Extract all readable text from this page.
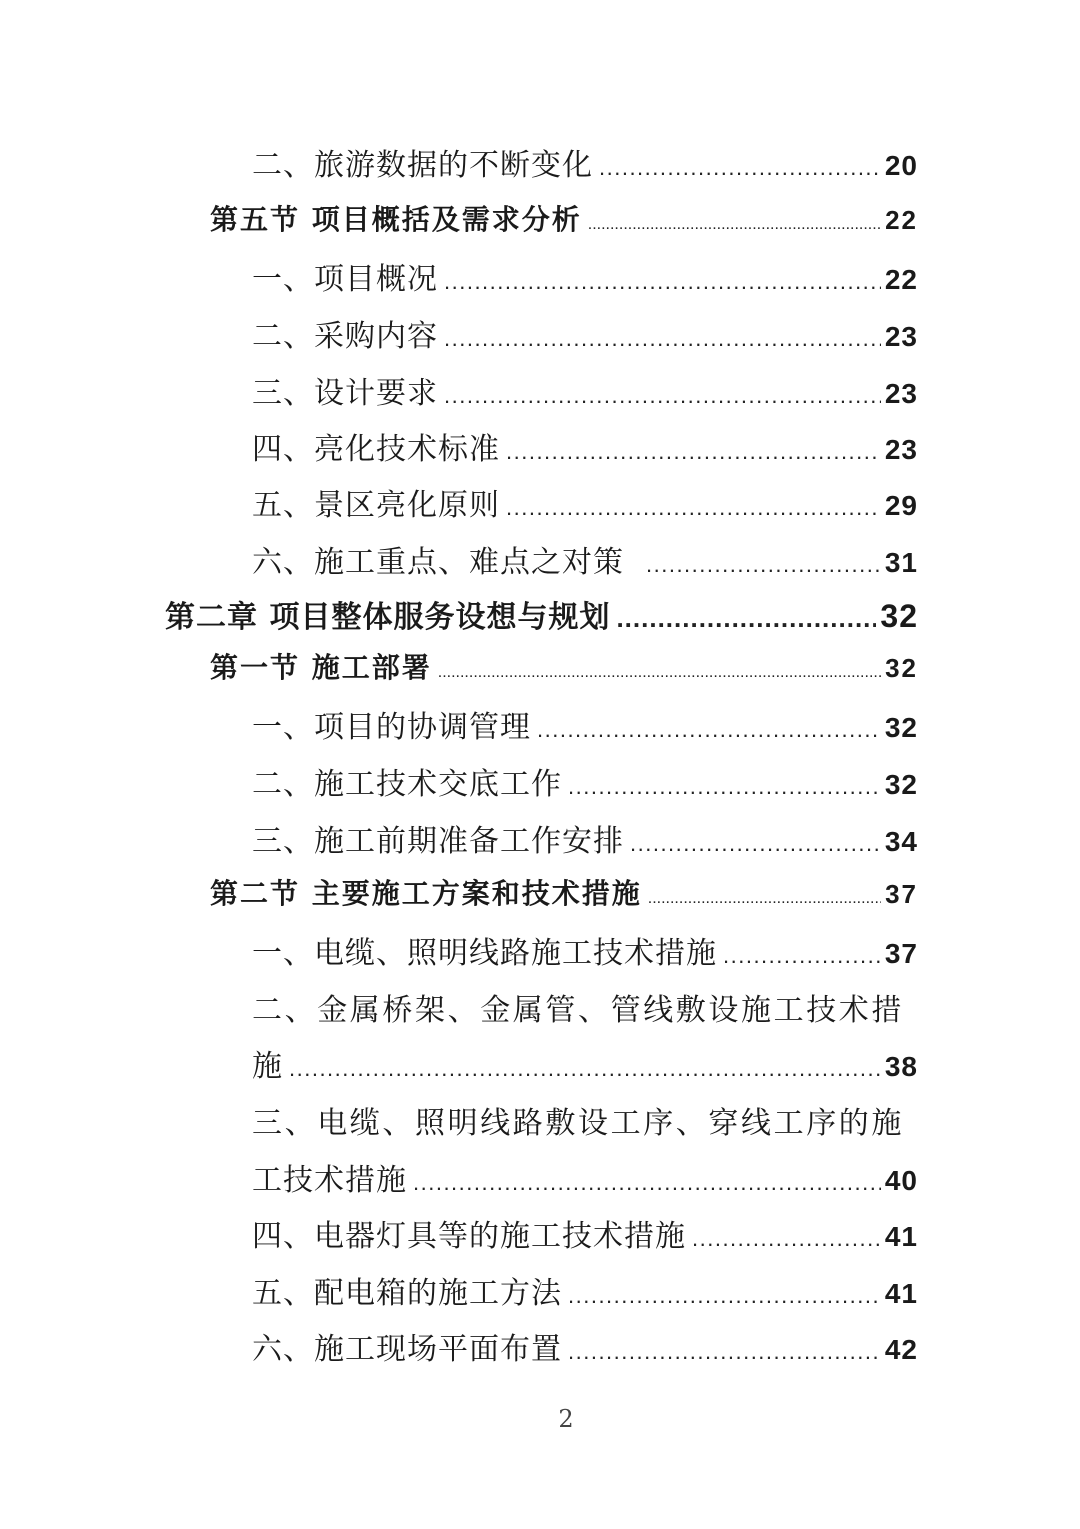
二、旅游数据的不断变化 .....	20
第五节 项目概括及需求分析 .....	22
一、项目概况 .....	22
二、采购内容 .....	23
三、设计要求 .....	23
四、亮化技术标准 .....	23
五、景区亮化原则 .....	29
六、施工重点、难点之对策 .....	31
第二章 项目整体服务设想与规划 .....	32
第一节 施工部署 .....	32
一、项目的协调管理 .....	32
二、施工技术交底工作 .....	32
三、施工前期准备工作安排 .....	34
第二节 主要施工方案和技术措施 .....	37
一、电缆、照明线路施工技术措施 .....	37
二、金属桥架、金属管、管线敷设施工技术措
施 .....	38
三、电缆、照明线路敷设工序、穿线工序的施
工技术措施 .....	40
四、电器灯具等的施工技术措施 .....	41
五、配电箱的施工方法 .....	41
六、施工现场平面布置 .....	42
2
